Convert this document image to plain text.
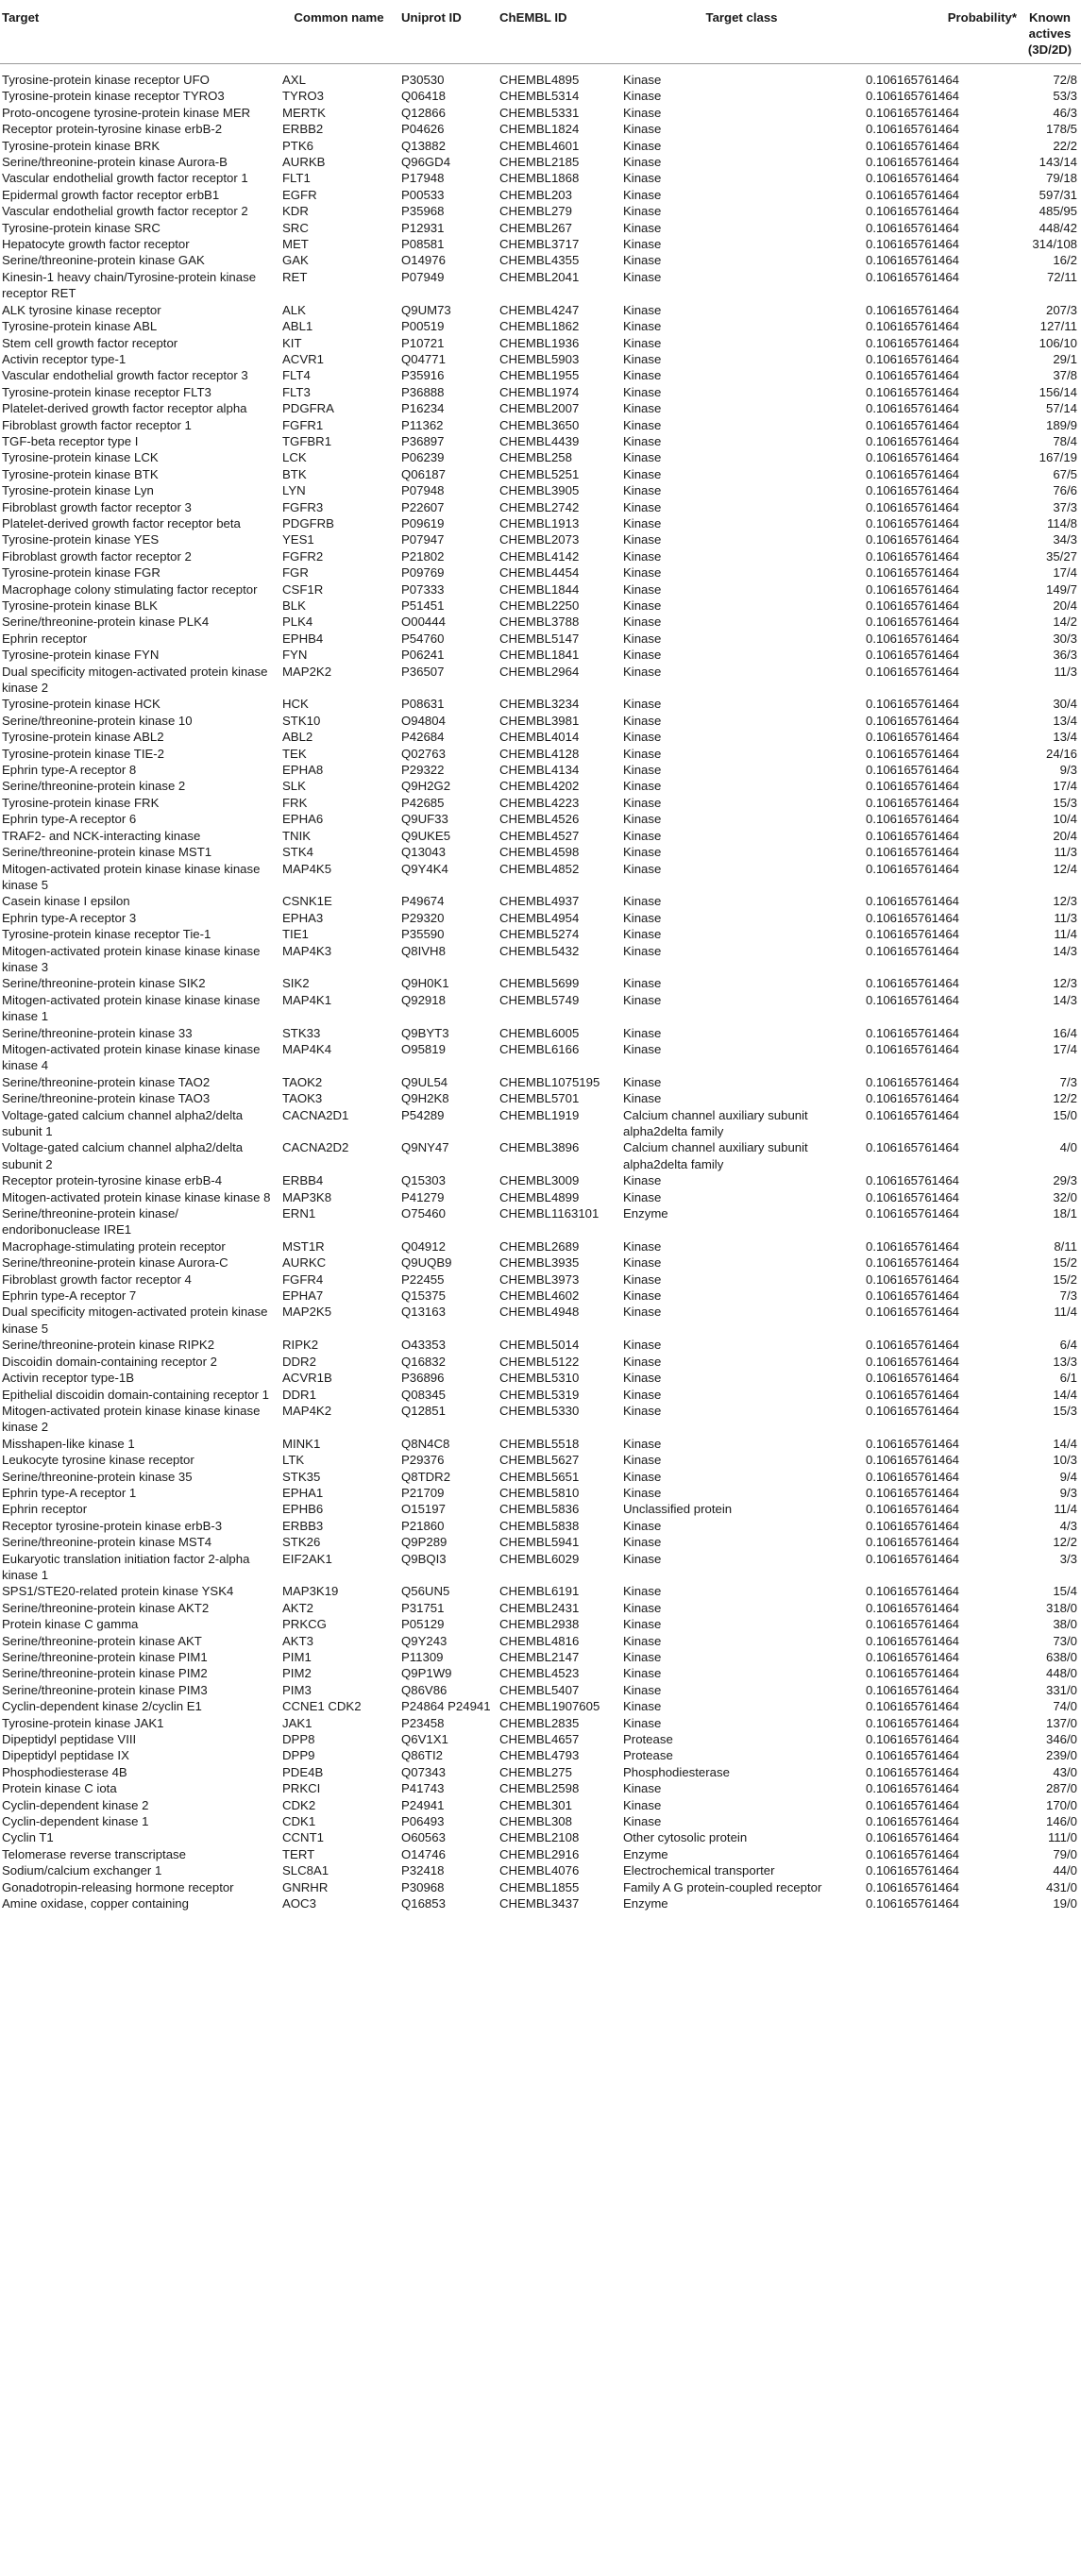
Target	Common name	Uniprot ID	ChEMBL ID	Target class	Probability*	Known actives (3D/2D)
Tyrosine-protein kinase receptor UFO	AXL	P30530	CHEMBL4895	Kinase	0.106165761464	72/8
Tyrosine-protein kinase receptor TYRO3	TYRO3	Q06418	CHEMBL5314	Kinase	0.106165761464	53/3
Proto-oncogene tyrosine-protein kinase MER	MERTK	Q12866	CHEMBL5331	Kinase	0.106165761464	46/3
Receptor protein-tyrosine kinase erbB-2	ERBB2	P04626	CHEMBL1824	Kinase	0.106165761464	178/5
Tyrosine-protein kinase BRK	PTK6	Q13882	CHEMBL4601	Kinase	0.106165761464	22/2
Serine/threonine-protein kinase Aurora-B	AURKB	Q96GD4	CHEMBL2185	Kinase	0.106165761464	143/14
Vascular endothelial growth factor receptor 1	FLT1	P17948	CHEMBL1868	Kinase	0.106165761464	79/18
Epidermal growth factor receptor erbB1	EGFR	P00533	CHEMBL203	Kinase	0.106165761464	597/31
Vascular endothelial growth factor receptor 2	KDR	P35968	CHEMBL279	Kinase	0.106165761464	485/95
Tyrosine-protein kinase SRC	SRC	P12931	CHEMBL267	Kinase	0.106165761464	448/42
Hepatocyte growth factor receptor	MET	P08581	CHEMBL3717	Kinase	0.106165761464	314/108
Serine/threonine-protein kinase GAK	GAK	O14976	CHEMBL4355	Kinase	0.106165761464	16/2
Kinesin-1 heavy chain/Tyrosine-protein kinase receptor RET	RET	P07949	CHEMBL2041	Kinase	0.106165761464	72/11
ALK tyrosine kinase receptor	ALK	Q9UM73	CHEMBL4247	Kinase	0.106165761464	207/3
Tyrosine-protein kinase ABL	ABL1	P00519	CHEMBL1862	Kinase	0.106165761464	127/11
Stem cell growth factor receptor	KIT	P10721	CHEMBL1936	Kinase	0.106165761464	106/10
Activin receptor type-1	ACVR1	Q04771	CHEMBL5903	Kinase	0.106165761464	29/1
Vascular endothelial growth factor receptor 3	FLT4	P35916	CHEMBL1955	Kinase	0.106165761464	37/8
Tyrosine-protein kinase receptor FLT3	FLT3	P36888	CHEMBL1974	Kinase	0.106165761464	156/14
Platelet-derived growth factor receptor alpha	PDGFRA	P16234	CHEMBL2007	Kinase	0.106165761464	57/14
Fibroblast growth factor receptor 1	FGFR1	P11362	CHEMBL3650	Kinase	0.106165761464	189/9
TGF-beta receptor type I	TGFBR1	P36897	CHEMBL4439	Kinase	0.106165761464	78/4
Tyrosine-protein kinase LCK	LCK	P06239	CHEMBL258	Kinase	0.106165761464	167/19
Tyrosine-protein kinase BTK	BTK	Q06187	CHEMBL5251	Kinase	0.106165761464	67/5
Tyrosine-protein kinase Lyn	LYN	P07948	CHEMBL3905	Kinase	0.106165761464	76/6
Fibroblast growth factor receptor 3	FGFR3	P22607	CHEMBL2742	Kinase	0.106165761464	37/3
Platelet-derived growth factor receptor beta	PDGFRB	P09619	CHEMBL1913	Kinase	0.106165761464	114/8
Tyrosine-protein kinase YES	YES1	P07947	CHEMBL2073	Kinase	0.106165761464	34/3
Fibroblast growth factor receptor 2	FGFR2	P21802	CHEMBL4142	Kinase	0.106165761464	35/27
Tyrosine-protein kinase FGR	FGR	P09769	CHEMBL4454	Kinase	0.106165761464	17/4
Macrophage colony stimulating factor receptor	CSF1R	P07333	CHEMBL1844	Kinase	0.106165761464	149/7
Tyrosine-protein kinase BLK	BLK	P51451	CHEMBL2250	Kinase	0.106165761464	20/4
Serine/threonine-protein kinase PLK4	PLK4	O00444	CHEMBL3788	Kinase	0.106165761464	14/2
Ephrin receptor	EPHB4	P54760	CHEMBL5147	Kinase	0.106165761464	30/3
Tyrosine-protein kinase FYN	FYN	P06241	CHEMBL1841	Kinase	0.106165761464	36/3
Dual specificity mitogen-activated protein kinase kinase 2	MAP2K2	P36507	CHEMBL2964	Kinase	0.106165761464	11/3
Tyrosine-protein kinase HCK	HCK	P08631	CHEMBL3234	Kinase	0.106165761464	30/4
Serine/threonine-protein kinase 10	STK10	O94804	CHEMBL3981	Kinase	0.106165761464	13/4
Tyrosine-protein kinase ABL2	ABL2	P42684	CHEMBL4014	Kinase	0.106165761464	13/4
Tyrosine-protein kinase TIE-2	TEK	Q02763	CHEMBL4128	Kinase	0.106165761464	24/16
Ephrin type-A receptor 8	EPHA8	P29322	CHEMBL4134	Kinase	0.106165761464	9/3
Serine/threonine-protein kinase 2	SLK	Q9H2G2	CHEMBL4202	Kinase	0.106165761464	17/4
Tyrosine-protein kinase FRK	FRK	P42685	CHEMBL4223	Kinase	0.106165761464	15/3
Ephrin type-A receptor 6	EPHA6	Q9UF33	CHEMBL4526	Kinase	0.106165761464	10/4
TRAF2- and NCK-interacting kinase	TNIK	Q9UKE5	CHEMBL4527	Kinase	0.106165761464	20/4
Serine/threonine-protein kinase MST1	STK4	Q13043	CHEMBL4598	Kinase	0.106165761464	11/3
Mitogen-activated protein kinase kinase kinase kinase 5	MAP4K5	Q9Y4K4	CHEMBL4852	Kinase	0.106165761464	12/4
Casein kinase I epsilon	CSNK1E	P49674	CHEMBL4937	Kinase	0.106165761464	12/3
Ephrin type-A receptor 3	EPHA3	P29320	CHEMBL4954	Kinase	0.106165761464	11/3
Tyrosine-protein kinase receptor Tie-1	TIE1	P35590	CHEMBL5274	Kinase	0.106165761464	11/4
Mitogen-activated protein kinase kinase kinase kinase 3	MAP4K3	Q8IVH8	CHEMBL5432	Kinase	0.106165761464	14/3
Serine/threonine-protein kinase SIK2	SIK2	Q9H0K1	CHEMBL5699	Kinase	0.106165761464	12/3
Mitogen-activated protein kinase kinase kinase kinase 1	MAP4K1	Q92918	CHEMBL5749	Kinase	0.106165761464	14/3
Serine/threonine-protein kinase 33	STK33	Q9BYT3	CHEMBL6005	Kinase	0.106165761464	16/4
Mitogen-activated protein kinase kinase kinase kinase 4	MAP4K4	O95819	CHEMBL6166	Kinase	0.106165761464	17/4
Serine/threonine-protein kinase TAO2	TAOK2	Q9UL54	CHEMBL1075195	Kinase	0.106165761464	7/3
Serine/threonine-protein kinase TAO3	TAOK3	Q9H2K8	CHEMBL5701	Kinase	0.106165761464	12/2
Voltage-gated calcium channel alpha2/delta subunit 1	CACNA2D1	P54289	CHEMBL1919	Calcium channel auxiliary subunit alpha2delta family	0.106165761464	15/0
Voltage-gated calcium channel alpha2/delta subunit 2	CACNA2D2	Q9NY47	CHEMBL3896	Calcium channel auxiliary subunit alpha2delta family	0.106165761464	4/0
Receptor protein-tyrosine kinase erbB-4	ERBB4	Q15303	CHEMBL3009	Kinase	0.106165761464	29/3
Mitogen-activated protein kinase kinase kinase 8	MAP3K8	P41279	CHEMBL4899	Kinase	0.106165761464	32/0
Serine/threonine-protein kinase/ endoribonuclease IRE1	ERN1	O75460	CHEMBL1163101	Enzyme	0.106165761464	18/1
Macrophage-stimulating protein receptor	MST1R	Q04912	CHEMBL2689	Kinase	0.106165761464	8/11
Serine/threonine-protein kinase Aurora-C	AURKC	Q9UQB9	CHEMBL3935	Kinase	0.106165761464	15/2
Fibroblast growth factor receptor 4	FGFR4	P22455	CHEMBL3973	Kinase	0.106165761464	15/2
Ephrin type-A receptor 7	EPHA7	Q15375	CHEMBL4602	Kinase	0.106165761464	7/3
Dual specificity mitogen-activated protein kinase kinase 5	MAP2K5	Q13163	CHEMBL4948	Kinase	0.106165761464	11/4
Serine/threonine-protein kinase RIPK2	RIPK2	O43353	CHEMBL5014	Kinase	0.106165761464	6/4
Discoidin domain-containing receptor 2	DDR2	Q16832	CHEMBL5122	Kinase	0.106165761464	13/3
Activin receptor type-1B	ACVR1B	P36896	CHEMBL5310	Kinase	0.106165761464	6/1
Epithelial discoidin domain-containing receptor 1	DDR1	Q08345	CHEMBL5319	Kinase	0.106165761464	14/4
Mitogen-activated protein kinase kinase kinase kinase 2	MAP4K2	Q12851	CHEMBL5330	Kinase	0.106165761464	15/3
Misshapen-like kinase 1	MINK1	Q8N4C8	CHEMBL5518	Kinase	0.106165761464	14/4
Leukocyte tyrosine kinase receptor	LTK	P29376	CHEMBL5627	Kinase	0.106165761464	10/3
Serine/threonine-protein kinase 35	STK35	Q8TDR2	CHEMBL5651	Kinase	0.106165761464	9/4
Ephrin type-A receptor 1	EPHA1	P21709	CHEMBL5810	Kinase	0.106165761464	9/3
Ephrin receptor	EPHB6	O15197	CHEMBL5836	Unclassified protein	0.106165761464	11/4
Receptor tyrosine-protein kinase erbB-3	ERBB3	P21860	CHEMBL5838	Kinase	0.106165761464	4/3
Serine/threonine-protein kinase MST4	STK26	Q9P289	CHEMBL5941	Kinase	0.106165761464	12/2
Eukaryotic translation initiation factor 2-alpha kinase 1	EIF2AK1	Q9BQI3	CHEMBL6029	Kinase	0.106165761464	3/3
SPS1/STE20-related protein kinase YSK4	MAP3K19	Q56UN5	CHEMBL6191	Kinase	0.106165761464	15/4
Serine/threonine-protein kinase AKT2	AKT2	P31751	CHEMBL2431	Kinase	0.106165761464	318/0
Protein kinase C gamma	PRKCG	P05129	CHEMBL2938	Kinase	0.106165761464	38/0
Serine/threonine-protein kinase AKT	AKT3	Q9Y243	CHEMBL4816	Kinase	0.106165761464	73/0
Serine/threonine-protein kinase PIM1	PIM1	P11309	CHEMBL2147	Kinase	0.106165761464	638/0
Serine/threonine-protein kinase PIM2	PIM2	Q9P1W9	CHEMBL4523	Kinase	0.106165761464	448/0
Serine/threonine-protein kinase PIM3	PIM3	Q86V86	CHEMBL5407	Kinase	0.106165761464	331/0
Cyclin-dependent kinase 2/cyclin E1	CCNE1 CDK2	P24864 P24941	CHEMBL1907605	Kinase	0.106165761464	74/0
Tyrosine-protein kinase JAK1	JAK1	P23458	CHEMBL2835	Kinase	0.106165761464	137/0
Dipeptidyl peptidase VIII	DPP8	Q6V1X1	CHEMBL4657	Protease	0.106165761464	346/0
Dipeptidyl peptidase IX	DPP9	Q86TI2	CHEMBL4793	Protease	0.106165761464	239/0
Phosphodiesterase 4B	PDE4B	Q07343	CHEMBL275	Phosphodiesterase	0.106165761464	43/0
Protein kinase C iota	PRKCI	P41743	CHEMBL2598	Kinase	0.106165761464	287/0
Cyclin-dependent kinase 2	CDK2	P24941	CHEMBL301	Kinase	0.106165761464	170/0
Cyclin-dependent kinase 1	CDK1	P06493	CHEMBL308	Kinase	0.106165761464	146/0
Cyclin T1	CCNT1	O60563	CHEMBL2108	Other cytosolic protein	0.106165761464	111/0
Telomerase reverse transcriptase	TERT	O14746	CHEMBL2916	Enzyme	0.106165761464	79/0
Sodium/calcium exchanger 1	SLC8A1	P32418	CHEMBL4076	Electrochemical transporter	0.106165761464	44/0
Gonadotropin-releasing hormone receptor	GNRHR	P30968	CHEMBL1855	Family A G protein-coupled receptor	0.106165761464	431/0
Amine oxidase, copper containing	AOC3	Q16853	CHEMBL3437	Enzyme	0.106165761464	19/0
